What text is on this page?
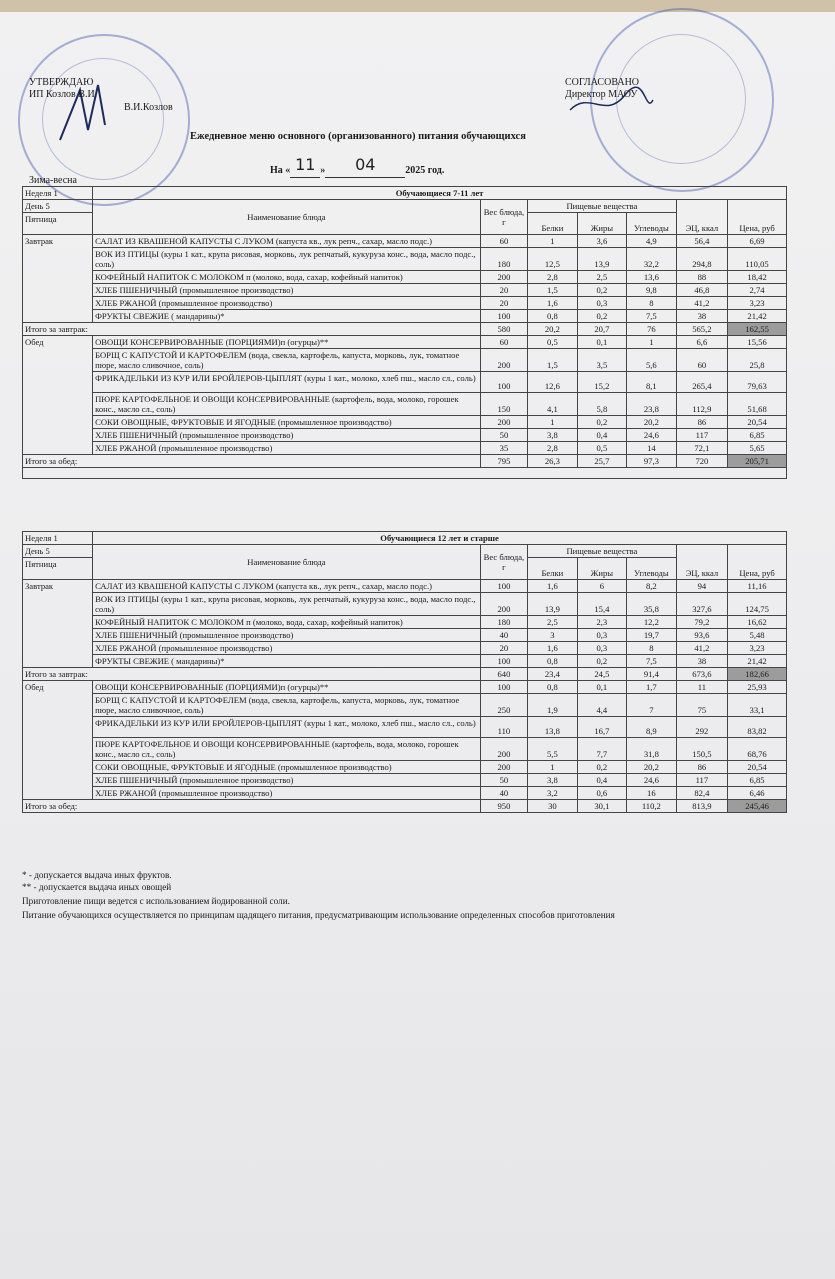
УТВЕРЖДАЮ
ИП Козлов В.И.
В.И.Козлов
СОГЛАСОВАНО
Директор МАОУ
Ежедневное меню основного (организованного) питания обучающихся
На « 11 » 04	2025 год.
Зима-весна
Неделя 1	Обучающиеся 7-11 лет						
День 5	Наименование блюда	Вес блюда, г	Пищевые вещества			ЭЦ, ккал	Цена, руб
Пятница			Белки	Жиры	Углеводы		

Завтрак	САЛАТ ИЗ КВАШЕНОЙ КАПУСТЫ С ЛУКОМ (капуста кв., лук репч., сахар, масло подс.)	60	1	3,6	4,9	56,4	6,69
	ВОК ИЗ ПТИЦЫ (куры 1 кат., крупа рисовая, морковь, лук репчатый, кукуруза конс., вода, масло подс., соль)	180	12,5	13,9	32,2	294,8	110,05
	КОФЕЙНЫЙ НАПИТОК С МОЛОКОМ п (молоко, вода, сахар, кофейный напиток)	200	2,8	2,5	13,6	88	18,42
	ХЛЕБ ПШЕНИЧНЫЙ (промышленное производство)	20	1,5	0,2	9,8	46,8	2,74
	ХЛЕБ РЖАНОЙ (промышленное производство)	20	1,6	0,3	8	41,2	3,23
	ФРУКТЫ СВЕЖИЕ ( мандарины)*	100	0,8	0,2	7,5	38	21,42
Итого за завтрак:		580	20,2	20,7	76	565,2	162,55
Обед	ОВОЩИ КОНСЕРВИРОВАННЫЕ (ПОРЦИЯМИ)п (огурцы)**	60	0,5	0,1	1	6,6	15,56
	БОРЩ С КАПУСТОЙ И КАРТОФЕЛЕМ (вода, свекла, картофель, капуста, морковь, лук, томатное пюре, масло сливочное, соль)	200	1,5	3,5	5,6	60	25,8
	ФРИКАДЕЛЬКИ ИЗ КУР ИЛИ БРОЙЛЕРОВ-ЦЫПЛЯТ (куры 1 кат., молоко, хлеб пш., масло сл., соль)	100	12,6	15,2	8,1	265,4	79,63
	ПЮРЕ КАРТОФЕЛЬНОЕ И ОВОЩИ КОНСЕРВИРОВАННЫЕ (картофель, вода, молоко, горошек конс., масло сл., соль)	150	4,1	5,8	23,8	112,9	51,68
	СОКИ ОВОЩНЫЕ, ФРУКТОВЫЕ И ЯГОДНЫЕ (промышленное производство)	200	1	0,2	20,2	86	20,54
	ХЛЕБ ПШЕНИЧНЫЙ (промышленное производство)	50	3,8	0,4	24,6	117	6,85
	ХЛЕБ РЖАНОЙ (промышленное производство)	35	2,8	0,5	14	72,1	5,65
Итого за обед:		795	26,3	25,7	97,3	720	205,71

Неделя 1	Обучающиеся 12 лет и старше						
День 5	Наименование блюда	Вес блюда, г	Пищевые вещества			ЭЦ, ккал	Цена, руб
Пятница			Белки	Жиры	Углеводы		

Завтрак	САЛАТ ИЗ КВАШЕНОЙ КАПУСТЫ С ЛУКОМ (капуста кв., лук репч., сахар, масло подс.)	100	1,6	6	8,2	94	11,16
	ВОК ИЗ ПТИЦЫ (куры 1 кат., крупа рисовая, морковь, лук репчатый, кукуруза конс., вода, масло подс., соль)	200	13,9	15,4	35,8	327,6	124,75
	КОФЕЙНЫЙ НАПИТОК С МОЛОКОМ п (молоко, вода, сахар, кофейный напиток)	180	2,5	2,3	12,2	79,2	16,62
	ХЛЕБ ПШЕНИЧНЫЙ (промышленное производство)	40	3	0,3	19,7	93,6	5,48
	ХЛЕБ РЖАНОЙ (промышленное производство)	20	1,6	0,3	8	41,2	3,23
	ФРУКТЫ СВЕЖИЕ ( мандарины)*	100	0,8	0,2	7,5	38	21,42
Итого за завтрак:		640	23,4	24,5	91,4	673,6	182,66
Обед	ОВОЩИ КОНСЕРВИРОВАННЫЕ (ПОРЦИЯМИ)п (огурцы)**	100	0,8	0,1	1,7	11	25,93
	БОРЩ С КАПУСТОЙ И КАРТОФЕЛЕМ (вода, свекла, картофель, капуста, морковь, лук, томатное пюре, масло сливочное, соль)	250	1,9	4,4	7	75	33,1
	ФРИКАДЕЛЬКИ ИЗ КУР ИЛИ БРОЙЛЕРОВ-ЦЫПЛЯТ (куры 1 кат., молоко, хлеб пш., масло сл., соль)	110	13,8	16,7	8,9	292	83,82
	ПЮРЕ КАРТОФЕЛЬНОЕ И ОВОЩИ КОНСЕРВИРОВАННЫЕ (картофель, вода, молоко, горошек конс., масло сл., соль)	200	5,5	7,7	31,8	150,5	68,76
	СОКИ ОВОЩНЫЕ, ФРУКТОВЫЕ И ЯГОДНЫЕ (промышленное производство)	200	1	0,2	20,2	86	20,54
	ХЛЕБ ПШЕНИЧНЫЙ (промышленное производство)	50	3,8	0,4	24,6	117	6,85
	ХЛЕБ РЖАНОЙ (промышленное производство)	40	3,2	0,6	16	82,4	6,46
Итого за обед:		950	30	30,1	110,2	813,9	245,46
* - допускается выдача иных фруктов.
** - допускается выдача иных овощей
Приготовление пищи ведется с использованием йодированной соли.
Питание обучающихся осуществляется по принципам щадящего питания, предусматривающим использование определенных способов приготовления
